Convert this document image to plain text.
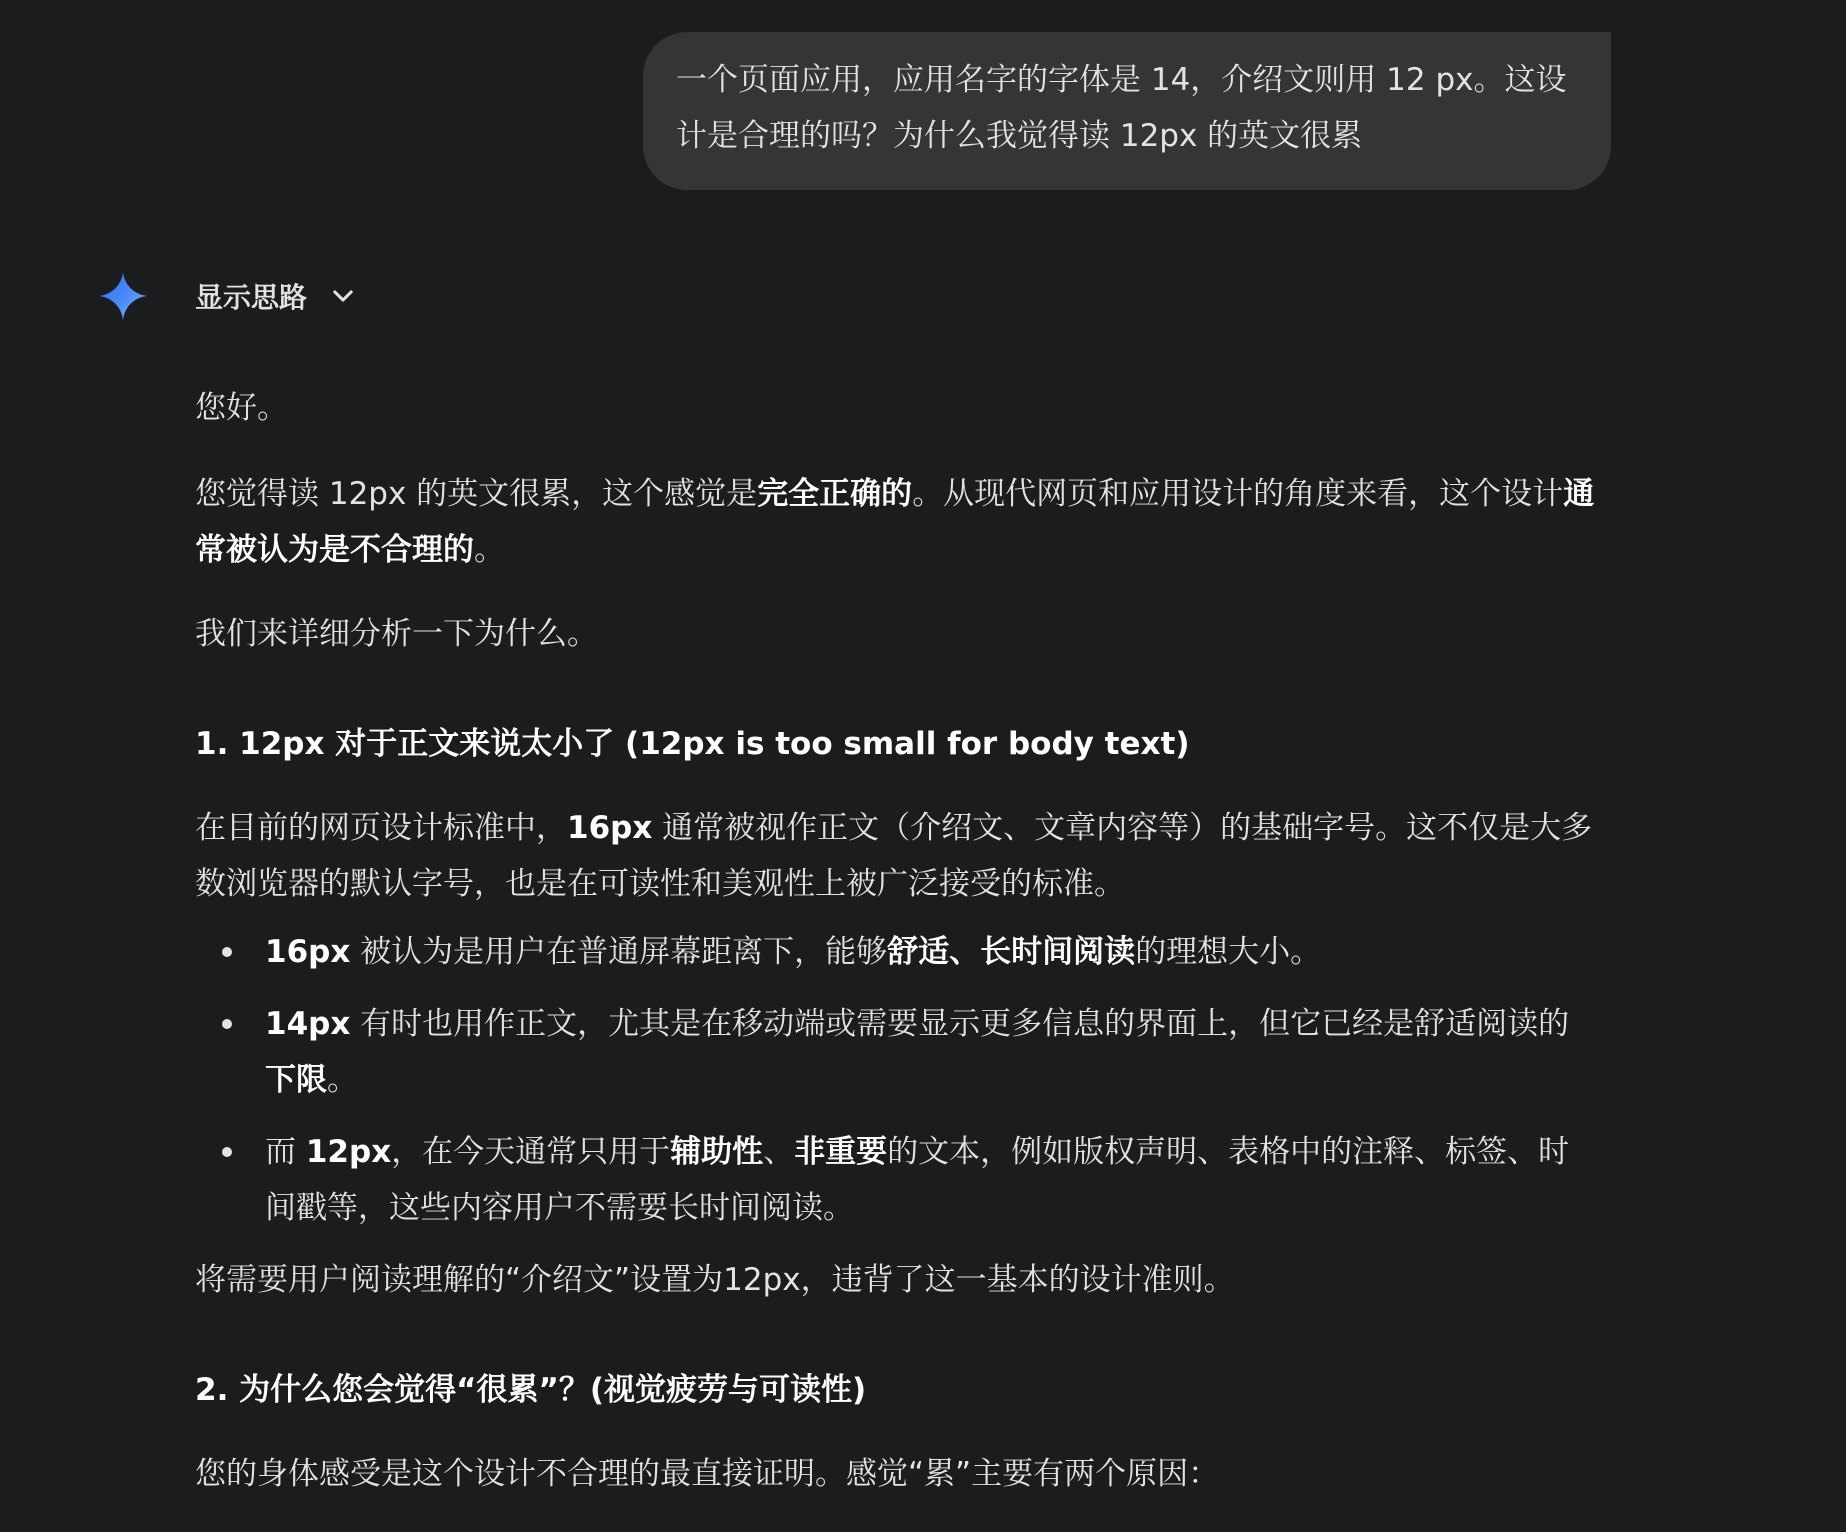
一个页面应用，应用名字的字体是 14，介绍文则用 12 px。这设

计是合理的吗？为什么我觉得读 12px 的英文很累

显示思路

您好。

您觉得读 12px 的英文很累，这个感觉是完全正确的。从现代网页和应用设计的角度来看，这个设计通常被认为是不合理的。

我们来详细分析一下为什么。

1. 12px 对于正文来说太小了 (12px is too small for body text)

在目前的网页设计标准中，16px 通常被视作正文（介绍文、文章内容等）的基础字号。这不仅是大多数浏览器的默认字号，也是在可读性和美观性上被广泛接受的标准。

16px 被认为是用户在普通屏幕距离下，能够舒适、长时间阅读的理想大小。
14px 有时也用作正文，尤其是在移动端或需要显示更多信息的界面上，但它已经是舒适阅读的下限。
而 12px，在今天通常只用于辅助性、非重要的文本，例如版权声明、表格中的注释、标签、时间戳等，这些内容用户不需要长时间阅读。

将需要用户阅读理解的“介绍文”设置为12px，违背了这一基本的设计准则。

2. 为什么您会觉得“很累”？(视觉疲劳与可读性)

您的身体感受是这个设计不合理的最直接证明。感觉“累”主要有两个原因：
